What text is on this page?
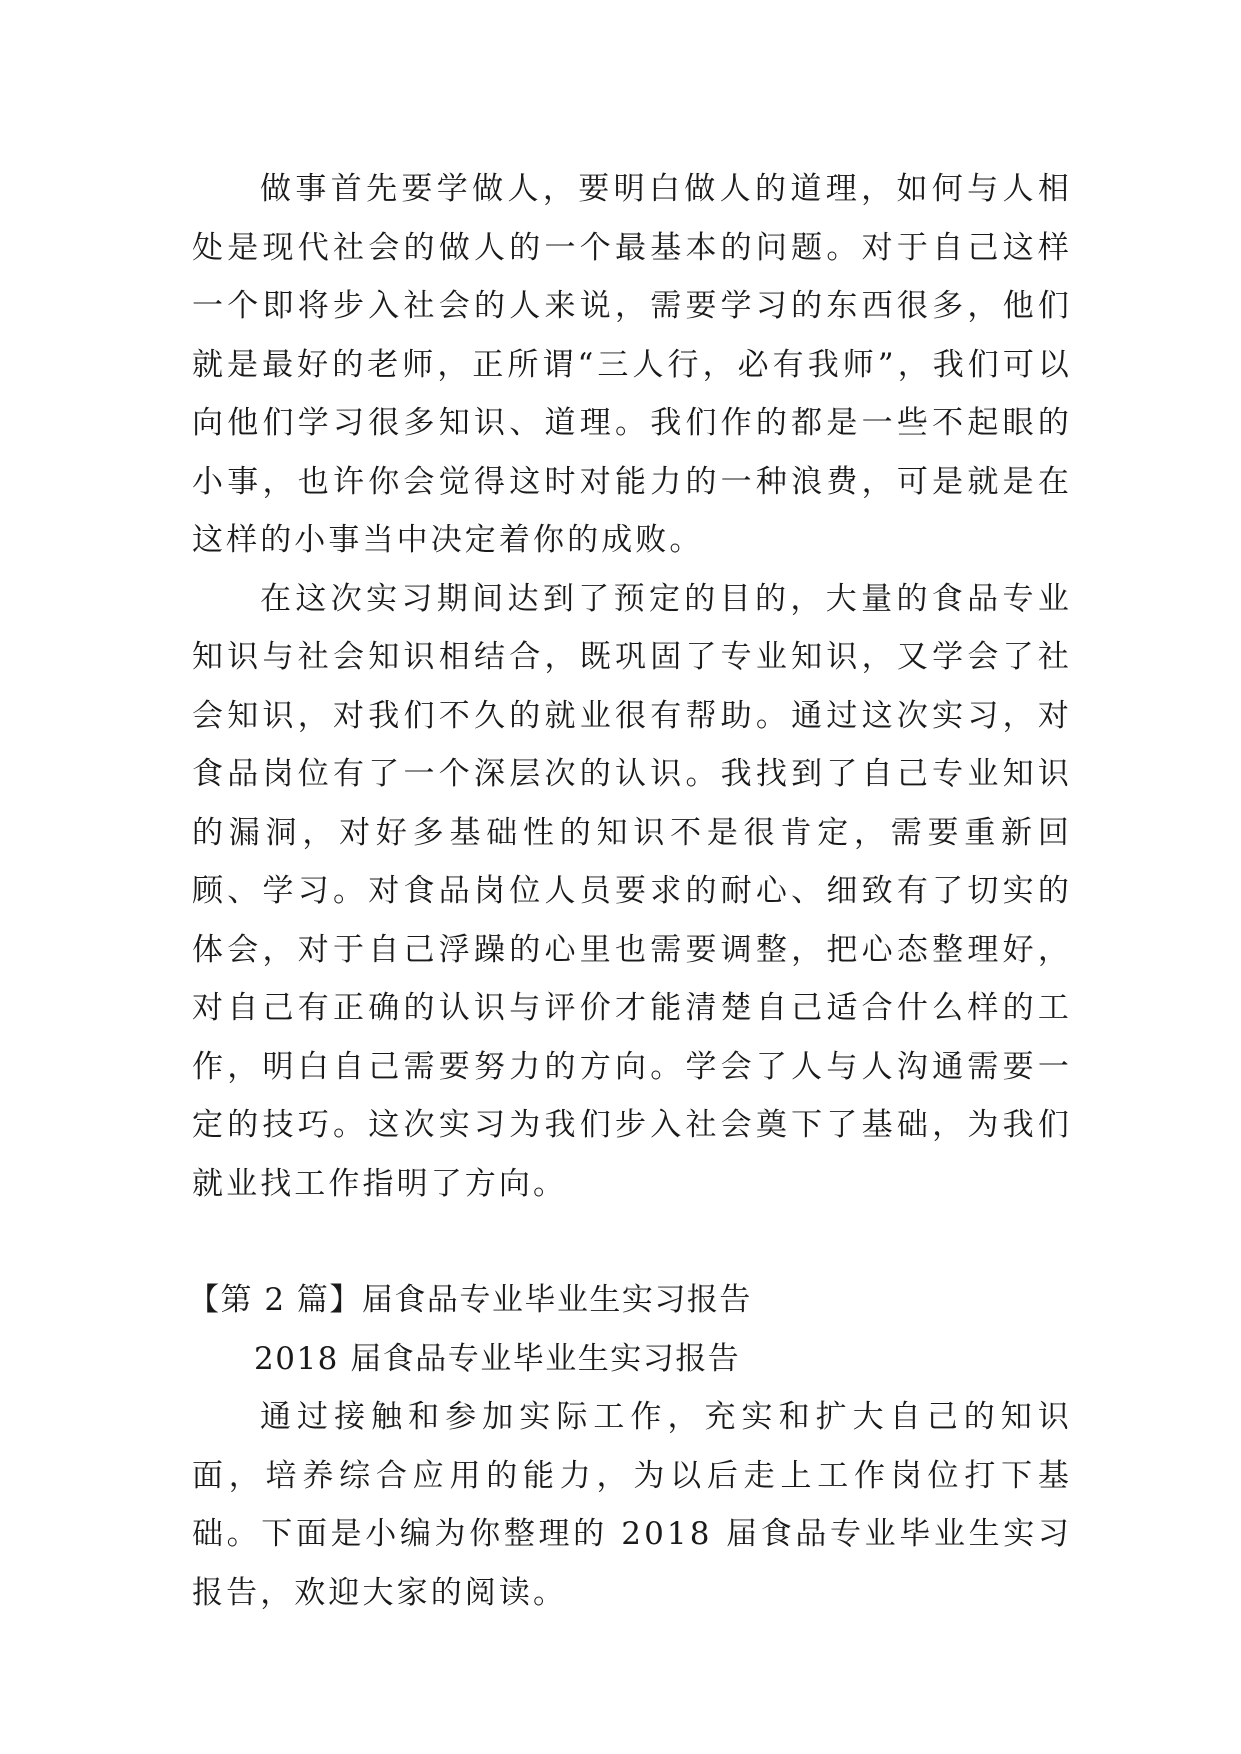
做事首先要学做人，要明白做人的道理，如何与人相处是现代社会的做人的一个最基本的问题。对于自己这样一个即将步入社会的人来说，需要学习的东西很多，他们就是最好的老师，正所谓“三人行，必有我师”，我们可以向他们学习很多知识、道理。我们作的都是一些不起眼的小事，也许你会觉得这时对能力的一种浪费，可是就是在这样的小事当中决定着你的成败。

在这次实习期间达到了预定的目的，大量的食品专业知识与社会知识相结合，既巩固了专业知识，又学会了社会知识，对我们不久的就业很有帮助。通过这次实习，对食品岗位有了一个深层次的认识。我找到了自己专业知识的漏洞，对好多基础性的知识不是很肯定，需要重新回顾、学习。对食品岗位人员要求的耐心、细致有了切实的体会，对于自己浮躁的心里也需要调整，把心态整理好，对自己有正确的认识与评价才能清楚自己适合什么样的工作，明白自己需要努力的方向。学会了人与人沟通需要一定的技巧。这次实习为我们步入社会奠下了基础，为我们就业找工作指明了方向。

【第 2 篇】届食品专业毕业生实习报告

2018 届食品专业毕业生实习报告

通过接触和参加实际工作，充实和扩大自己的知识面，培养综合应用的能力，为以后走上工作岗位打下基础。下面是小编为你整理的 2018 届食品专业毕业生实习报告，欢迎大家的阅读。
